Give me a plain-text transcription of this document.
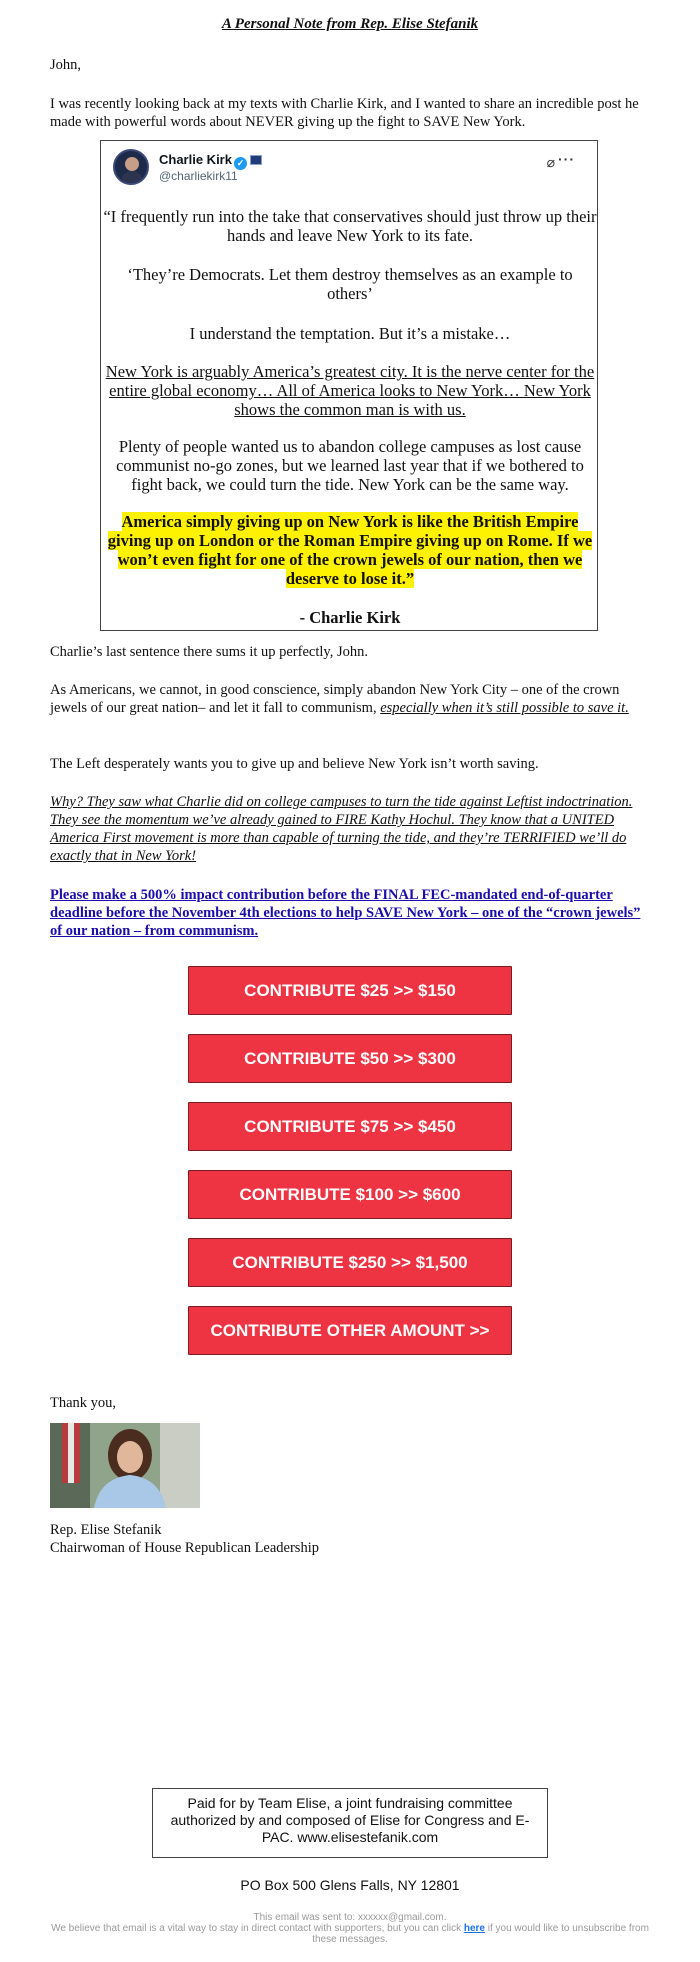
A Personal Note from Rep. Elise Stefanik

John,

I was recently looking back at my texts with Charlie Kirk, and I wanted to share an incredible post he made with powerful words about NEVER giving up the fight to SAVE New York.

Charlie Kirk ✓
@charliekirk11
⌀ ···

“I frequently run into the take that conservatives should just throw up their hands and leave New York to its fate.

‘They’re Democrats. Let them destroy themselves as an example to others’

I understand the temptation. But it’s a mistake…

New York is arguably America’s greatest city. It is the nerve center for the entire global economy… All of America looks to New York… New York shows the common man is with us.

Plenty of people wanted us to abandon college campuses as lost cause communist no-go zones, but we learned last year that if we bothered to fight back, we could turn the tide. New York can be the same way.

America simply giving up on New York is like the British Empire giving up on London or the Roman Empire giving up on Rome. If we won’t even fight for one of the crown jewels of our nation, then we deserve to lose it.”

- Charlie Kirk

Charlie’s last sentence there sums it up perfectly, John.

As Americans, we cannot, in good conscience, simply abandon New York City – one of the crown jewels of our great nation– and let it fall to communism, especially when it’s still possible to save it.

The Left desperately wants you to give up and believe New York isn’t worth saving.

Why? They saw what Charlie did on college campuses to turn the tide against Leftist indoctrination. They see the momentum we’ve already gained to FIRE Kathy Hochul. They know that a UNITED America First movement is more than capable of turning the tide, and they’re TERRIFIED we’ll do exactly that in New York!

Please make a 500% impact contribution before the FINAL FEC-mandated end-of-quarter deadline before the November 4th elections to help SAVE New York – one of the “crown jewels” of our nation – from communism.

CONTRIBUTE $25 >> $150
CONTRIBUTE $50 >> $300
CONTRIBUTE $75 >> $450
CONTRIBUTE $100 >> $600
CONTRIBUTE $250 >> $1,500
CONTRIBUTE OTHER AMOUNT >>

Thank you,

Rep. Elise Stefanik

Chairwoman of House Republican Leadership

Paid for by Team Elise, a joint fundraising committee authorized by and composed of Elise for Congress and E-PAC. www.elisestefanik.com
PO Box 500 Glens Falls, NY 12801
This email was sent to: xxxxxx@gmail.com.
We believe that email is a vital way to stay in direct contact with supporters, but you can click here if you would like to unsubscribe from these messages.
